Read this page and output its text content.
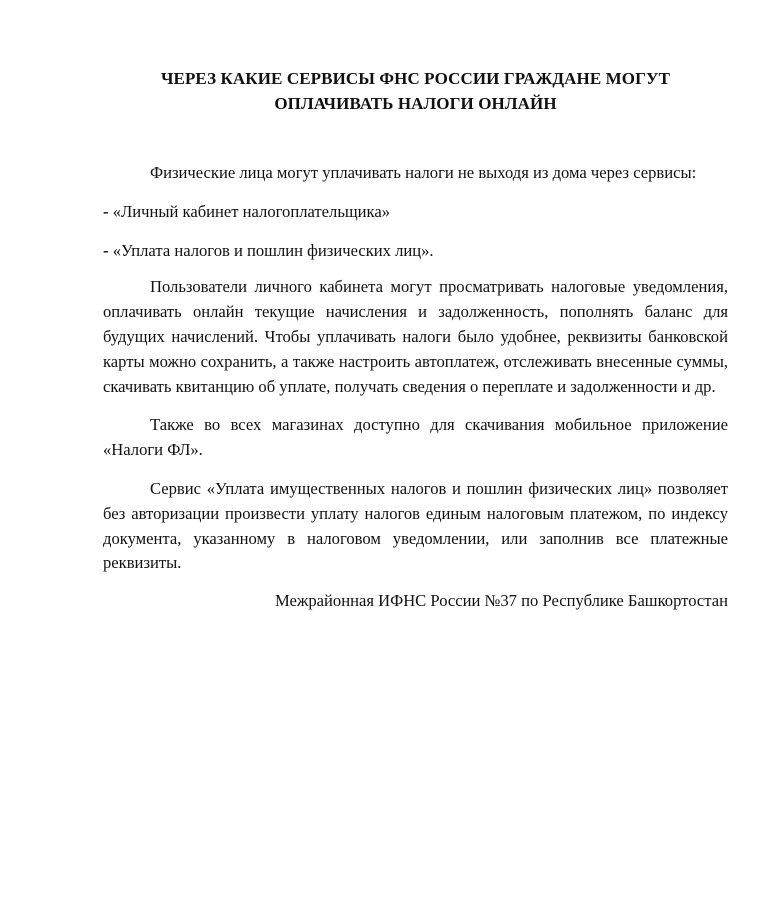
ЧЕРЕЗ КАКИЕ СЕРВИСЫ ФНС РОССИИ ГРАЖДАНЕ МОГУТ
ОПЛАЧИВАТЬ НАЛОГИ ОНЛАЙН

Физические лица могут уплачивать налоги не выходя из дома через сервисы:

- «Личный кабинет налогоплательщика»

- «Уплата налогов и пошлин физических лиц».

Пользователи личного кабинета могут просматривать налоговые уведомления, оплачивать онлайн текущие начисления и задолженность, пополнять баланс для будущих начислений. Чтобы уплачивать налоги было удобнее, реквизиты банковской карты можно сохранить, а также настроить автоплатеж, отслеживать внесенные суммы, скачивать квитанцию об уплате, получать сведения о переплате и задолженности и др.

Также во всех магазинах доступно для скачивания мобильное приложение «Налоги ФЛ».

Сервис «Уплата имущественных налогов и пошлин физических лиц» позволяет без авторизации произвести уплату налогов единым налоговым платежом, по индексу документа, указанному в налоговом уведомлении, или заполнив все платежные реквизиты.

Межрайонная ИФНС России №37 по Республике Башкортостан
